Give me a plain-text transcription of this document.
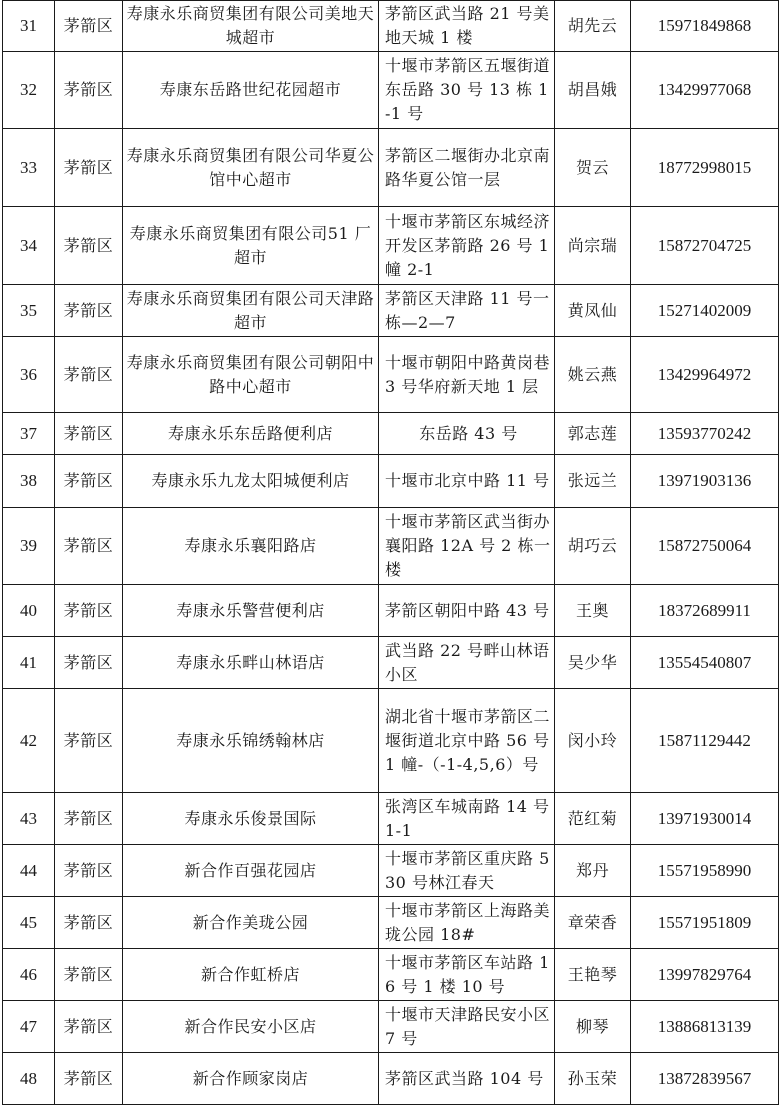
31	茅箭区	寿康永乐商贸集团有限公司美地天城超市	茅箭区武当路 21 号美地天城 1 楼	胡先云	15971849868
32	茅箭区	寿康东岳路世纪花园超市	十堰市茅箭区五堰街道东岳路 30 号 13 栋 1-1 号	胡昌娥	13429977068
33	茅箭区	寿康永乐商贸集团有限公司华夏公馆中心超市	茅箭区二堰街办北京南路华夏公馆一层	贺云	18772998015
34	茅箭区	寿康永乐商贸集团有限公司51 厂超市	十堰市茅箭区东城经济开发区茅箭路 26 号 1 幢 2-1	尚宗瑞	15872704725
35	茅箭区	寿康永乐商贸集团有限公司天津路超市	茅箭区天津路 11 号一栋—2—7	黄凤仙	15271402009
36	茅箭区	寿康永乐商贸集团有限公司朝阳中路中心超市	十堰市朝阳中路黄岗巷 3 号华府新天地 1 层	姚云燕	13429964972
37	茅箭区	寿康永乐东岳路便利店	东岳路 43 号	郭志莲	13593770242
38	茅箭区	寿康永乐九龙太阳城便利店	十堰市北京中路 11 号	张远兰	13971903136
39	茅箭区	寿康永乐襄阳路店	十堰市茅箭区武当街办襄阳路 12A 号 2 栋一楼	胡巧云	15872750064
40	茅箭区	寿康永乐警营便利店	茅箭区朝阳中路 43 号	王奥	18372689911
41	茅箭区	寿康永乐畔山林语店	武当路 22 号畔山林语小区	吴少华	13554540807
42	茅箭区	寿康永乐锦绣翰林店	湖北省十堰市茅箭区二堰街道北京中路 56 号 1 幢-（-1-4,5,6）号	闵小玲	15871129442
43	茅箭区	寿康永乐俊景国际	张湾区车城南路 14 号 1-1	范红菊	13971930014
44	茅箭区	新合作百强花园店	十堰市茅箭区重庆路 530 号林江春天	郑丹	15571958990
45	茅箭区	新合作美珑公园	十堰市茅箭区上海路美珑公园 18#	章荣香	15571951809
46	茅箭区	新合作虹桥店	十堰市茅箭区车站路 16 号 1 楼 10 号	王艳琴	13997829764
47	茅箭区	新合作民安小区店	十堰市天津路民安小区 7 号	柳琴	13886813139
48	茅箭区	新合作顾家岗店	茅箭区武当路 104 号	孙玉荣	13872839567
